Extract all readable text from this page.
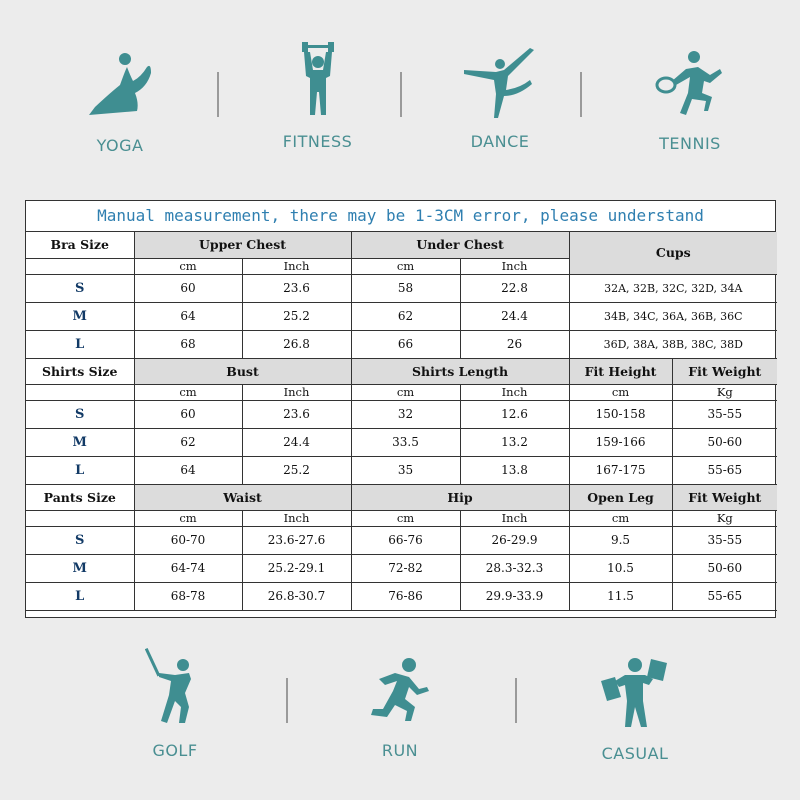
YOGA	FITNESS	DANCE	TENNIS
Manual measurement, there may be 1-3CM error, please understand
Bra Size	Upper Chest		Under Chest		Cups	
	cm	Inch	cm	Inch		
S	60	23.6	58	22.8	32A, 32B, 32C, 32D, 34A	
M	64	25.2	62	24.4	34B, 34C, 36A, 36B, 36C	
L	68	26.8	66	26	36D, 38A, 38B, 38C, 38D	
Shirts Size	Bust		Shirts Length		Fit Height	Fit Weight
	cm	Inch	cm	Inch	cm	Kg
S	60	23.6	32	12.6	150-158	35-55
M	62	24.4	33.5	13.2	159-166	50-60
L	64	25.2	35	13.8	167-175	55-65
Pants Size	Waist		Hip		Open Leg	Fit Weight
	cm	Inch	cm	Inch	cm	Kg
S	60-70	23.6-27.6	66-76	26-29.9	9.5	35-55
M	64-74	25.2-29.1	72-82	28.3-32.3	10.5	50-60
L	68-78	26.8-30.7	76-86	29.9-33.9	11.5	55-65
GOLF	RUN	CASUAL
